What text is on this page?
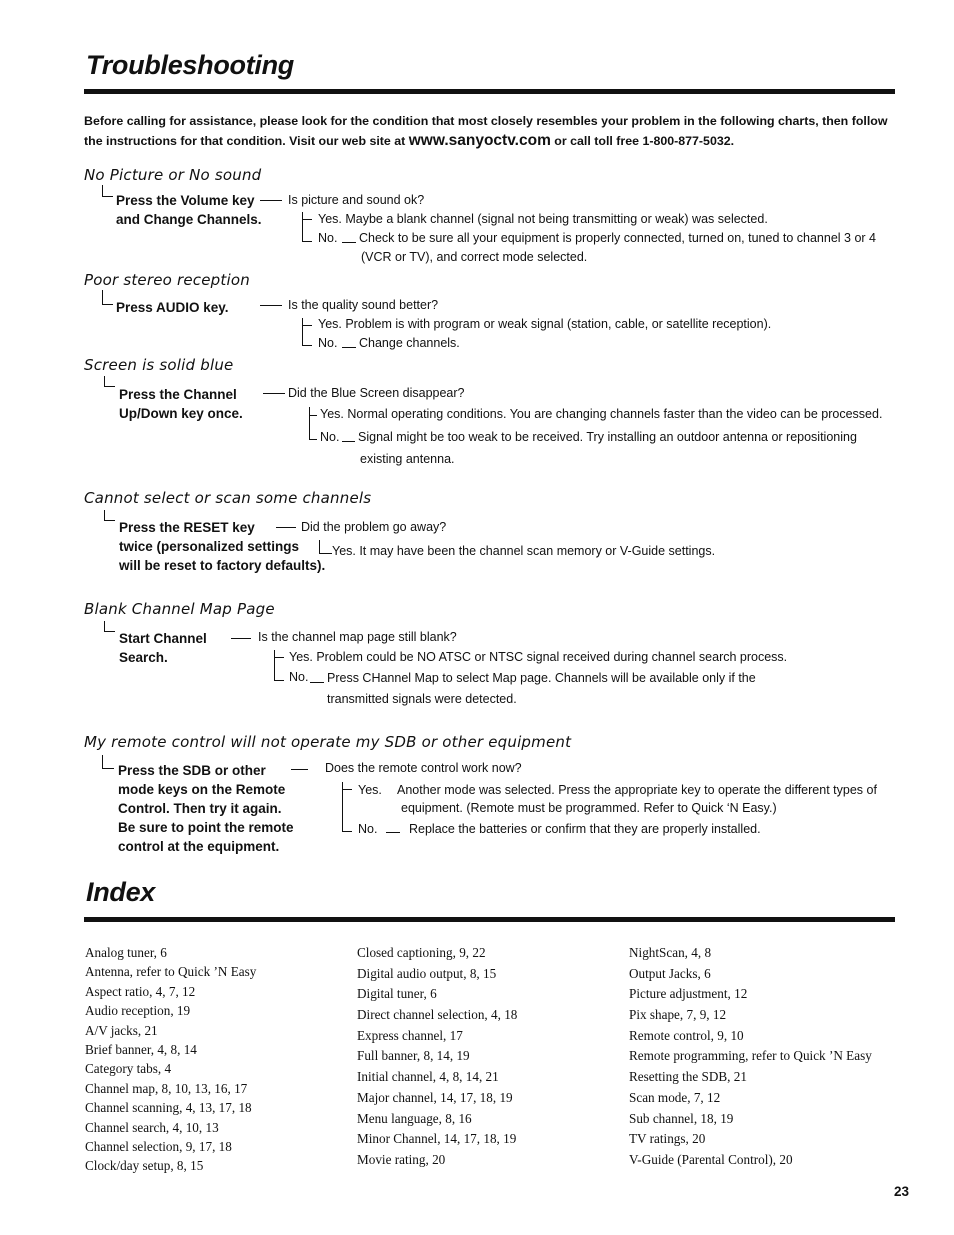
Troubleshooting
Before calling for assistance, please look for the condition that most closely resembles your problem in the following charts, then follow the instructions for that condition. Visit our web site at www.sanyoctv.com or call toll free 1-800-877-5032.
No Picture or No sound
Press the Volume key
and Change Channels.
Is picture and sound ok?
Yes. Maybe a blank channel (signal not being transmitting or weak) was selected.
No. Check to be sure all your equipment is properly connected, turned on, tuned to channel 3 or 4
(VCR or TV), and correct mode selected.
Poor stereo reception
Press AUDIO key.	Is the quality sound better?
Yes. Problem is with program or weak signal (station, cable, or satellite reception).
No. Change channels.
Screen is solid blue
Press the Channel
Up/Down key once.
Did the Blue Screen disappear?
Yes. Normal operating conditions. You are changing channels faster than the video can be processed.
No. Signal might be too weak to be received. Try installing an outdoor antenna or repositioning
existing antenna.
Cannot select or scan some channels
Press the RESET key
twice (personalized settings
will be reset to factory defaults).
Did the problem go away?
Yes. It may have been the channel scan memory or V-Guide settings.
Blank Channel Map Page
Start Channel
Search.
Is the channel map page still blank?
Yes. Problem could be NO ATSC or NTSC signal received during channel search process.
No. Press CHannel Map to select Map page. Channels will be available only if the
transmitted signals were detected.
My remote control will not operate my SDB or other equipment
Press the SDB or other
mode keys on the Remote
Control. Then try it again.
Be sure to point the remote
control at the equipment.
Does the remote control work now?
Yes. Another mode was selected. Press the appropriate key to operate the different types of
equipment. (Remote must be programmed. Refer to Quick ‘N Easy.)
No.	Replace the batteries or confirm that they are properly installed.
Index
Analog tuner, 6
Antenna, refer to Quick ’N Easy
Aspect ratio, 4, 7, 12
Audio reception, 19
A/V jacks, 21
Brief banner, 4, 8, 14
Category tabs, 4
Channel map, 8, 10, 13, 16, 17
Channel scanning, 4, 13, 17, 18
Channel search, 4, 10, 13
Channel selection, 9, 17, 18
Clock/day setup, 8, 15
Closed captioning, 9, 22
Digital audio output, 8, 15
Digital tuner, 6
Direct channel selection, 4, 18
Express channel, 17
Full banner, 8, 14, 19
Initial channel, 4, 8, 14, 21
Major channel, 14, 17, 18, 19
Menu language, 8, 16
Minor Channel, 14, 17, 18, 19
Movie rating, 20
NightScan, 4, 8
Output Jacks, 6
Picture adjustment, 12
Pix shape, 7, 9, 12
Remote control, 9, 10
Remote programming, refer to Quick ’N Easy
Resetting the SDB, 21
Scan mode, 7, 12
Sub channel, 18, 19
TV ratings, 20
V-Guide (Parental Control), 20
23
